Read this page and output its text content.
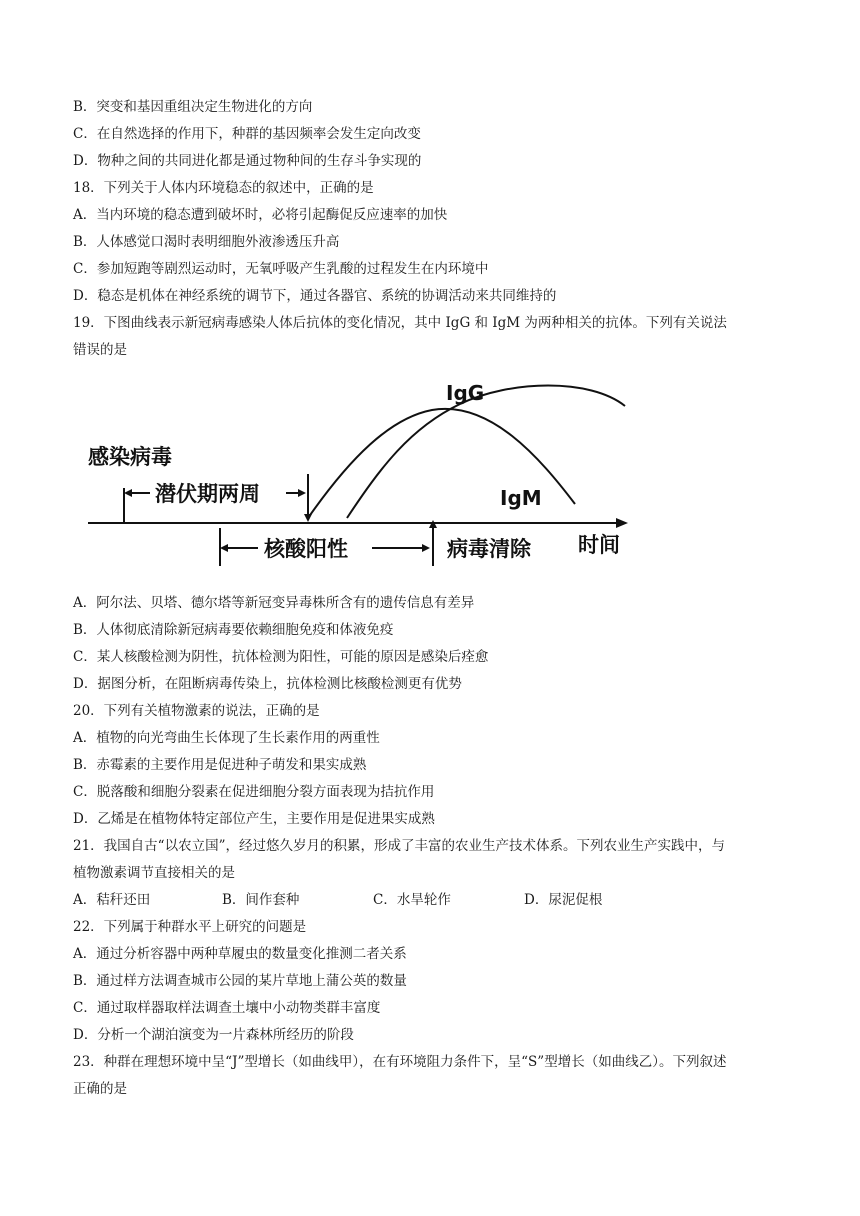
B．突变和基因重组决定生物进化的方向
C．在自然选择的作用下，种群的基因频率会发生定向改变
D．物种之间的共同进化都是通过物种间的生存斗争实现的
18．下列关于人体内环境稳态的叙述中，正确的是
A．当内环境的稳态遭到破坏时，必将引起酶促反应速率的加快
B．人体感觉口渴时表明细胞外液渗透压升高
C．参加短跑等剧烈运动时，无氧呼吸产生乳酸的过程发生在内环境中
D．稳态是机体在神经系统的调节下，通过各器官、系统的协调活动来共同维持的
19．下图曲线表示新冠病毒感染人体后抗体的变化情况，其中 IgG 和 IgM 为两种相关的抗体。下列有关说法
错误的是
IgG
IgM
感染病毒
潜伏期两周
核酸阳性	病毒清除 时间
A．阿尔法、贝塔、德尔塔等新冠变异毒株所含有的遗传信息有差异
B．人体彻底清除新冠病毒要依赖细胞免疫和体液免疫
C．某人核酸检测为阴性，抗体检测为阳性，可能的原因是感染后痊愈
D．据图分析，在阻断病毒传染上，抗体检测比核酸检测更有优势
20．下列有关植物激素的说法，正确的是
A．植物的向光弯曲生长体现了生长素作用的两重性
B．赤霉素的主要作用是促进种子萌发和果实成熟
C．脱落酸和细胞分裂素在促进细胞分裂方面表现为拮抗作用
D．乙烯是在植物体特定部位产生，主要作用是促进果实成熟
21．我国自古“以农立国”，经过悠久岁月的积累，形成了丰富的农业生产技术体系。下列农业生产实践中，与
植物激素调节直接相关的是
A．秸秆还田	B．间作套种	C．水旱轮作	D．尿泥促根
22．下列属于种群水平上研究的问题是
A．通过分析容器中两种草履虫的数量变化推测二者关系
B．通过样方法调查城市公园的某片草地上蒲公英的数量
C．通过取样器取样法调查土壤中小动物类群丰富度
D．分析一个湖泊演变为一片森林所经历的阶段
23．种群在理想环境中呈“J”型增长（如曲线甲），在有环境阻力条件下，呈“S”型增长（如曲线乙）。下列叙述
正确的是
